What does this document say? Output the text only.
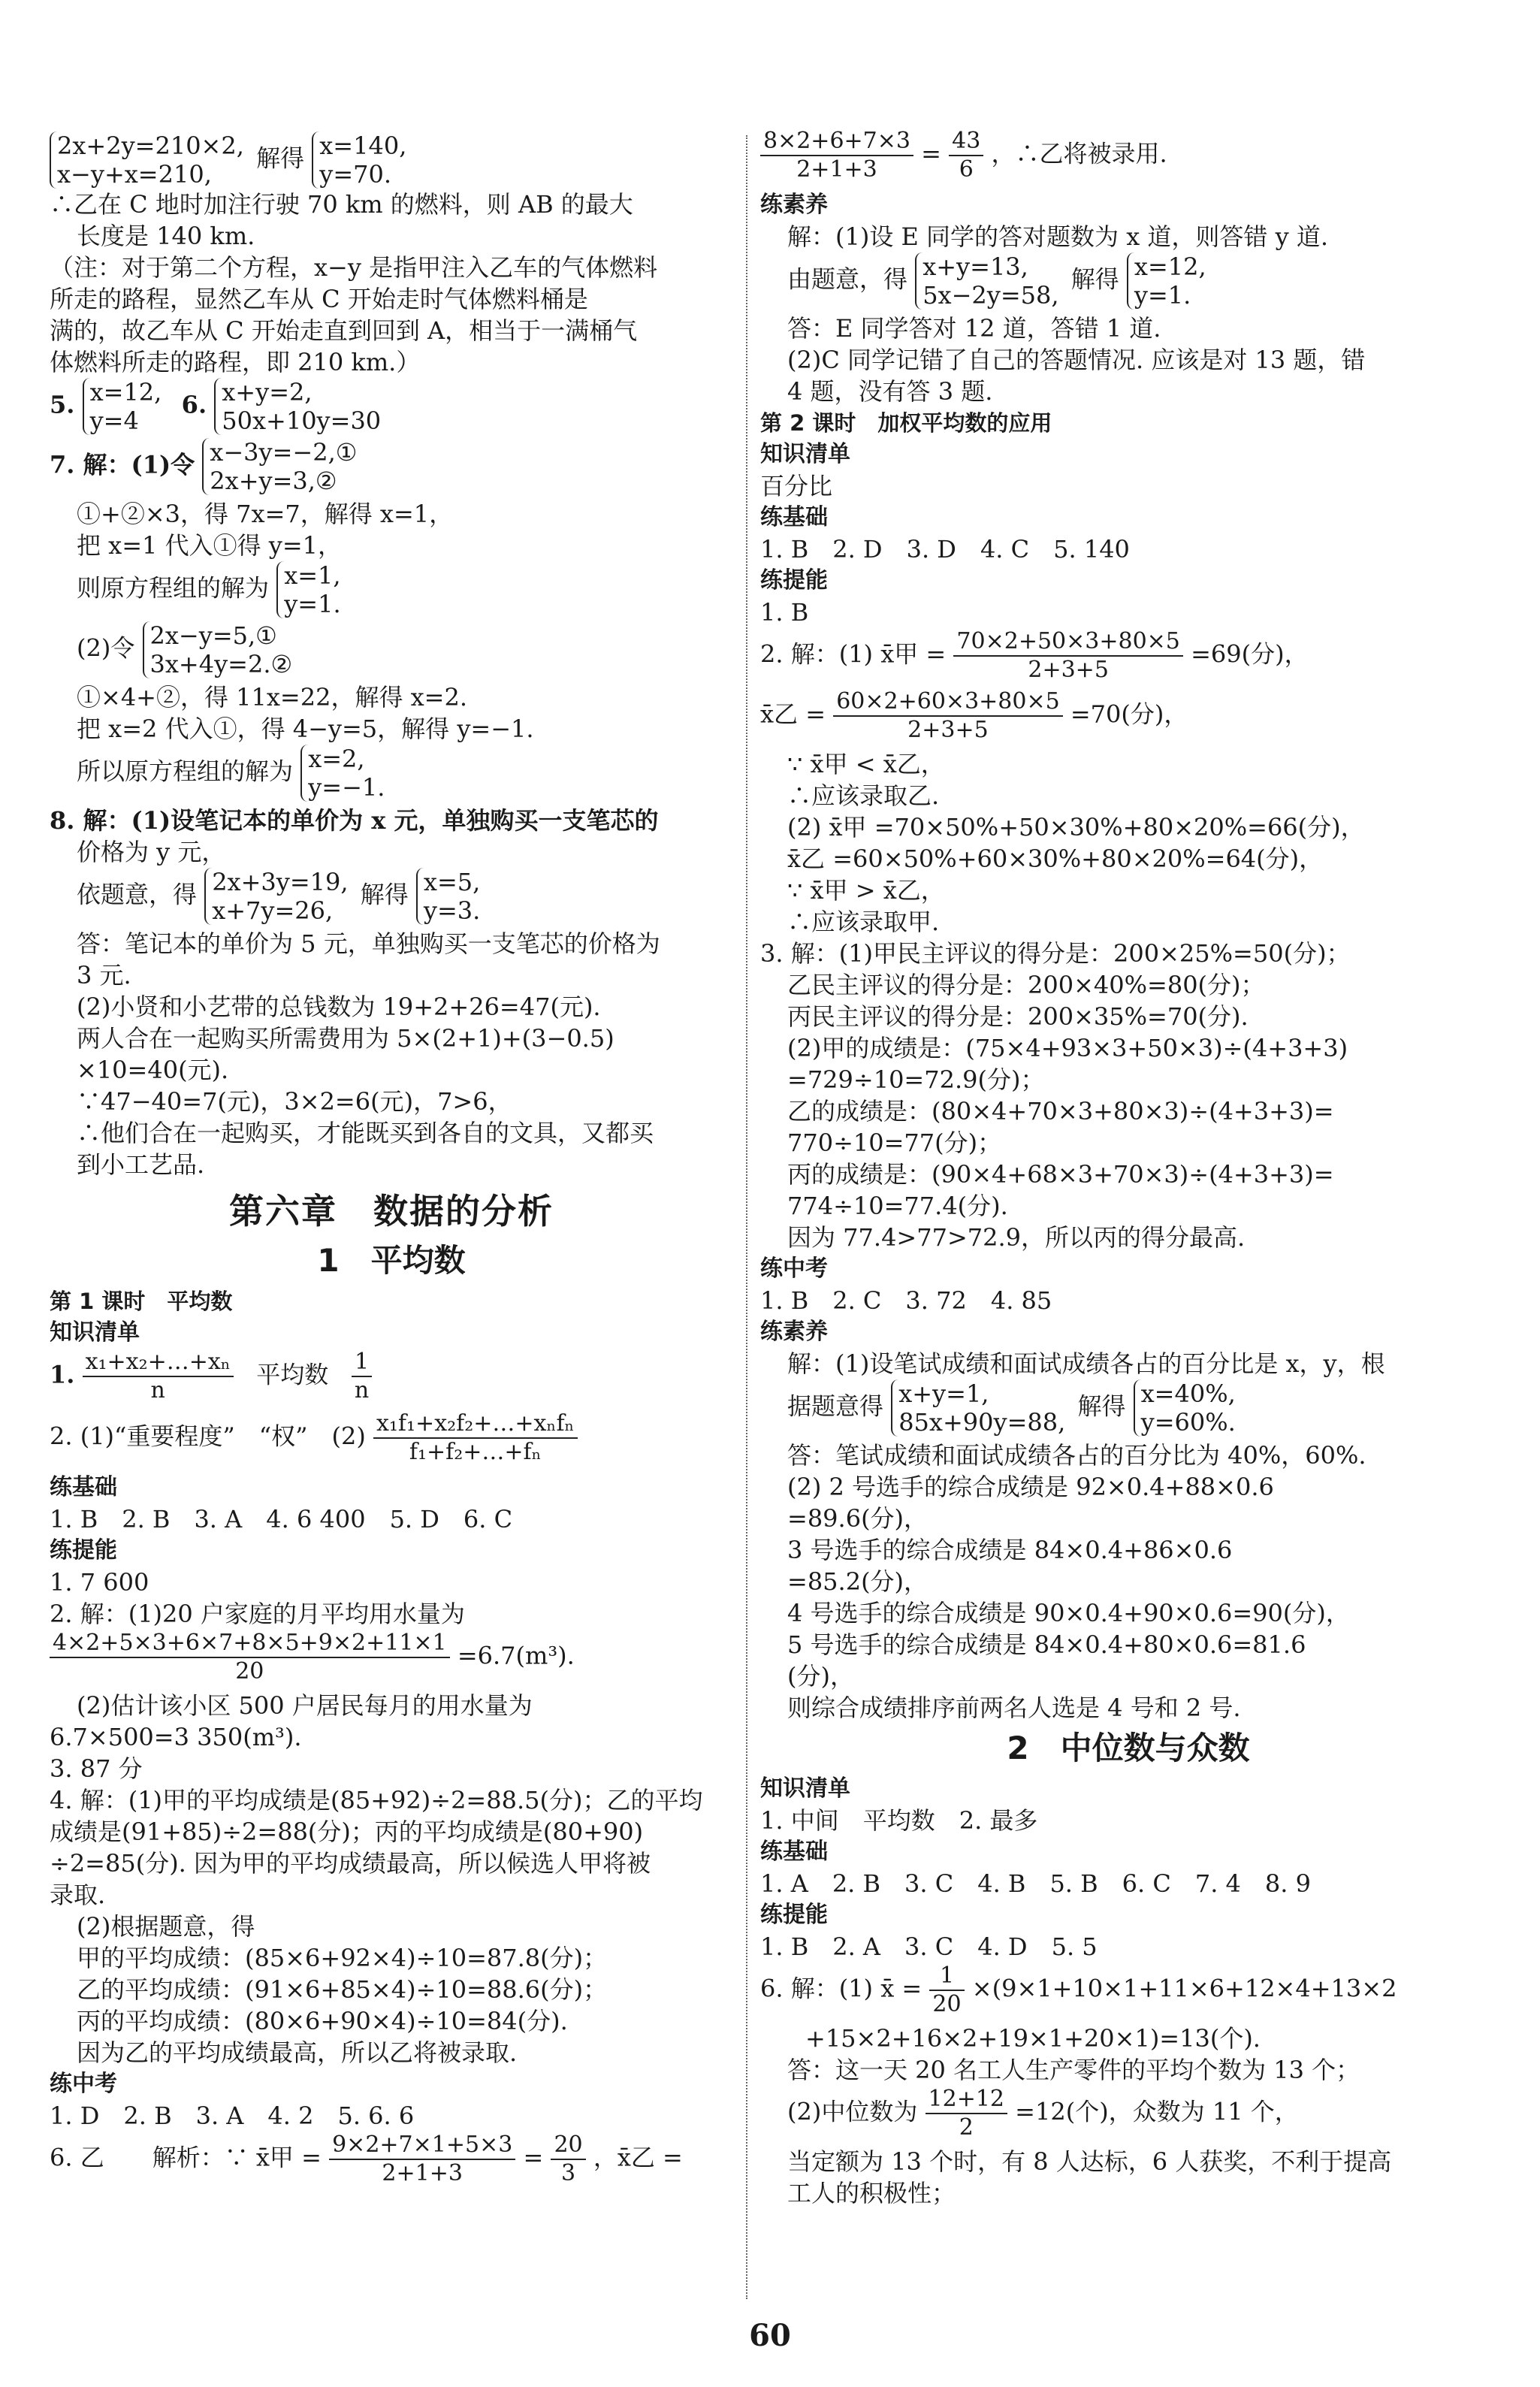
2x+2y=210×2,
x−y+x=210,
解得 x=140,
y=70.

∴乙在 C 地时加注行驶 70 km 的燃料，则 AB 的最大

长度是 140 km.

（注：对于第二个方程，x−y 是指甲注入乙车的气体燃料

所走的路程，显然乙车从 C 开始走时气体燃料桶是

满的，故乙车从 C 开始走直到回到 A，相当于一满桶气

体燃料所走的路程，即 210 km.）

5. x=12,
y=4
6. x+y=2,
50x+10y=30
7. 解：(1)令 x−3y=−2,①
2x+y=3,②

①+②×3，得 7x=7，解得 x=1，

把 x=1 代入①得 y=1，

则原方程组的解为 x=1,
y=1.
(2)令 2x−y=5,①
3x+4y=2.②

①×4+②，得 11x=22，解得 x=2.

把 x=2 代入①，得 4−y=5，解得 y=−1.

所以原方程组的解为 x=2,
y=−1.

8. 解：(1)设笔记本的单价为 x 元，单独购买一支笔芯的

价格为 y 元，

依题意，得 2x+3y=19,
x+7y=26,
解得 x=5,
y=3.

答：笔记本的单价为 5 元，单独购买一支笔芯的价格为

3 元.

(2)小贤和小艺带的总钱数为 19+2+26=47(元).

两人合在一起购买所需费用为 5×(2+1)+(3−0.5)

×10=40(元).

∵47−40=7(元)，3×2=6(元)，7>6，

∴他们合在一起购买，才能既买到各自的文具，又都买

到小工艺品.

第六章　数据的分析
1　平均数

第 1 课时　平均数

知识清单

1. $\frac{\text{x₁+x₂+…+xₙ}}{n}$ 平均数 $\frac{1}{n}$
2. (1)“重要程度”　“权”　$(2) \frac{\text{x₁f₁+x₂f₂+…+xₙfₙ}}{\text{f₁+f₂+…+fₙ}}$

练基础

1. B　2. B　3. A　4. 6 400　5. D　6. C

练提能

1. 7 600

2. 解：(1)20 户家庭的月平均用水量为

$\frac{4\times 2+5\times 3+6\times 7+8\times 5+9\times 2+11\times 1}{20} =6.7(m^3)$.

(2)估计该小区 500 户居民每月的用水量为

6.7×500=3 350(m³).

3. 87 分

4. 解：(1)甲的平均成绩是(85+92)÷2=88.5(分)；乙的平均

成绩是(91+85)÷2=88(分)；丙的平均成绩是(80+90)

÷2=85(分). 因为甲的平均成绩最高，所以候选人甲将被

录取.

(2)根据题意，得

甲的平均成绩：(85×6+92×4)÷10=87.8(分)；

乙的平均成绩：(91×6+85×4)÷10=88.6(分)；

丙的平均成绩：(80×6+90×4)÷10=84(分).

因为乙的平均成绩最高，所以乙将被录取.

练中考

1. D　2. B　3. A　4. 2　5. 6. 6

6. 乙　　解析：∵ x̄甲 = $\frac{9\times 2+7\times 1+5\times 3}{2+1+3} = \frac{20}{3}$ ，x̄乙 =
$\frac{8\times 2+6+7\times 3}{2+1+3} = \frac{43}{6}$ ，∴乙将被录用.

练素养

解：(1)设 E 同学的答对题数为 x 道，则答错 y 道.

由题意，得 x+y=13,
5x−2y=58,
解得 x=12,
y=1.

答：E 同学答对 12 道，答错 1 道.

(2)C 同学记错了自己的答题情况. 应该是对 13 题，错

4 题，没有答 3 题.

第 2 课时　加权平均数的应用

知识清单

百分比

练基础

1. B　2. D　3. D　4. C　5. 140

练提能

1. B

2. 解：(1) x̄甲 = $\frac{70\times 2+50\times 3+80\times 5}{2+3+5} =69$(分)，
x̄乙 = $\frac{60\times 2+60\times 3+80\times 5}{2+3+5} =70$(分)，

∵ x̄甲 < x̄乙，

∴应该录取乙.

(2) x̄甲 =70×50%+50×30%+80×20%=66(分)，

x̄乙 =60×50%+60×30%+80×20%=64(分)，

∵ x̄甲 > x̄乙，

∴应该录取甲.

3. 解：(1)甲民主评议的得分是：200×25%=50(分)；

乙民主评议的得分是：200×40%=80(分)；

丙民主评议的得分是：200×35%=70(分).

(2)甲的成绩是：(75×4+93×3+50×3)÷(4+3+3)

=729÷10=72.9(分)；

乙的成绩是：(80×4+70×3+80×3)÷(4+3+3)=

770÷10=77(分)；

丙的成绩是：(90×4+68×3+70×3)÷(4+3+3)=

774÷10=77.4(分).

因为 77.4>77>72.9，所以丙的得分最高.

练中考

1. B　2. C　3. 72　4. 85

练素养

解：(1)设笔试成绩和面试成绩各占的百分比是 x，y，根

据题意得 x+y=1,
85x+90y=88,
解得 x=40%,
y=60%.

答：笔试成绩和面试成绩各占的百分比为 40%，60%.

(2) 2 号选手的综合成绩是 92×0.4+88×0.6

=89.6(分)，

3 号选手的综合成绩是 84×0.4+86×0.6

=85.2(分)，

4 号选手的综合成绩是 90×0.4+90×0.6=90(分)，

5 号选手的综合成绩是 84×0.4+80×0.6=81.6

(分)，

则综合成绩排序前两名人选是 4 号和 2 号.

2　中位数与众数

知识清单

1. 中间　平均数　2. 最多

练基础

1. A　2. B　3. C　4. B　5. B　6. C　7. 4　8. 9

练提能

1. B　2. A　3. C　4. D　5. 5

6. 解：(1) x̄ = $\frac{1}{20} \times(9\times 1+10\times 1+11\times 6+12\times 4+13\times 2$

+15×2+16×2+19×1+20×1)=13(个).

答：这一天 20 名工人生产零件的平均个数为 13 个；

(2)中位数为 $\frac{12+12}{2} =12$(个)，众数为 11 个，

当定额为 13 个时，有 8 人达标，6 人获奖，不利于提高

工人的积极性；

60
